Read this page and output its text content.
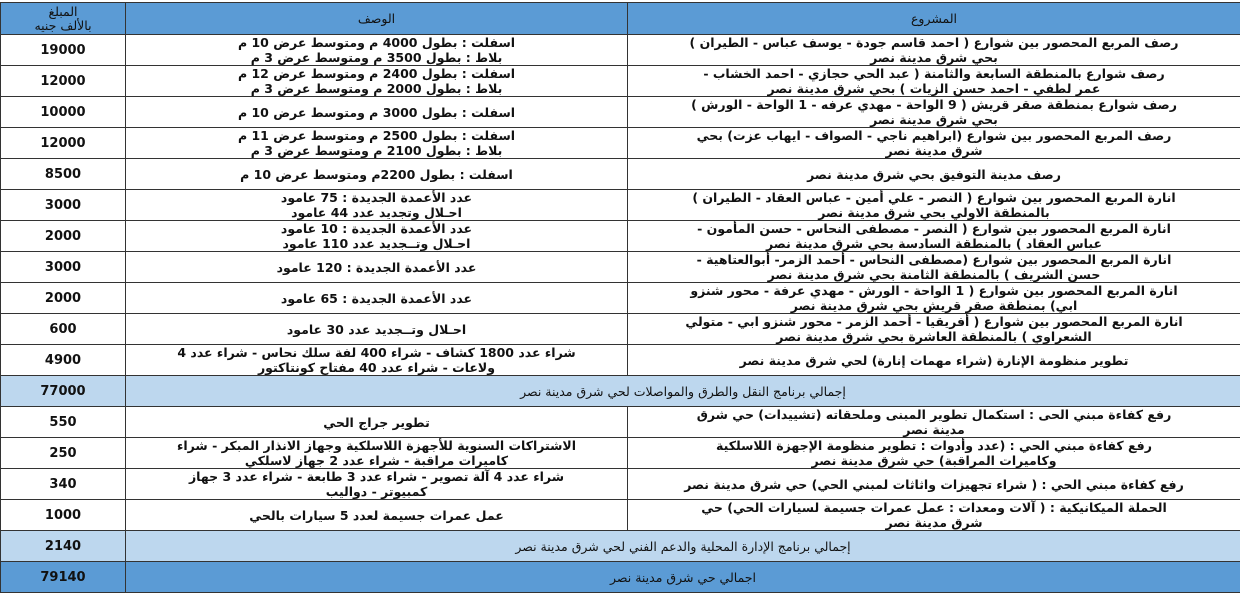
المشروع	الوصف	المبلغ
بالألف جنيه
رصف المربع المحصور بين شوارع ( احمد قاسم جودة - يوسف عباس - الطيران )
بحي شرق مدينة نصر	اسفلت : بطول 4000 م ومتوسط عرض 10 م
بلاط : بطول 3500 م ومتوسط عرض 3 م	19000
رصف شوارع بالمنطقة السابعة والثامنة ( عبد الحي حجازي - احمد الخشاب -
عمر لطفي - احمد حسن الزيات ) بحي شرق مدينة نصر	اسفلت : بطول 2400 م ومتوسط عرض 12 م
بلاط : بطول 2000 م ومتوسط عرض 3 م	12000
رصف شوارع بمنطقة صقر قريش ( 9 الواحة - مهدي عرفه - 1 الواحة - الورش )
بحي شرق مدينة نصر	اسفلت : بطول 3000 م ومتوسط عرض 10 م	10000
رصف المربع المحصور بين شوارع (ابراهيم ناجي - الصواف - ايهاب عزت) بحي
شرق مدينة نصر	اسفلت : بطول 2500 م ومتوسط عرض 11 م
بلاط : بطول 2100 م ومتوسط عرض 3 م	12000
رصف مدينة التوفيق بحي شرق مدينة نصر	اسفلت : بطول 2200م ومتوسط عرض 10 م	8500
انارة المربع المحصور بين شوارع ( النصر - علي أمين - عباس العقاد - الطيران )
بالمنطقة الاولي بحي شرق مدينة نصر	عدد الأعمدة الجديدة : 75 عامود
احـلال وتجديد عدد 44 عامود	3000
انارة المربع المحصور بين شوارع ( النصر - مصطفى النحاس - حسن المأمون -
عباس العقاد ) بالمنطقة السادسة بحي شرق مدينة نصر	عدد الأعمدة الجديدة : 10 عامود
احـلال وتــجديد عدد 110 عامود	2000
انارة المربع المحصور بين شوارع (مصطفى النحاس - أحمد الزمر- أبوالعتاهية -
حسن الشريف ) بالمنطقة الثامنة بحي شرق مدينة نصر	عدد الأعمدة الجديدة : 120 عامود	3000
انارة المربع المحصور بين شوارع ( 1 الواحة - الورش - مهدي عرفة - محور شنزو
ابي) بمنطقة صقر قريش بحي شرق مدينة نصر	عدد الأعمدة الجديدة : 65 عامود	2000
انارة المربع المحصور بين شوارع ( أفريقيا - أحمد الزمر - محور شنزو ابي - متولي
الشعراوي ) بالمنطقة العاشرة بحي شرق مدينة نصر	احـلال وتــجديد عدد 30 عامود	600
تطوير منظومة الإنارة (شراء مهمات إنارة) لحي شرق مدينة نصر	شراء عدد 1800 كشاف - شراء 400 لفة سلك نحاس - شراء عدد 4
ولاعات - شراء عدد 40 مفتاح كونتاكتور	4900
إجمالي برنامج النقل والطرق والمواصلات لحي شرق مدينة نصر		77000
رفع كفاءة مبني الحى : استكمال تطوير المبنى وملحقاته (تشييدات) حي شرق
مدينة نصر	تطوير جراج الحي	550
رفع كفاءة مبني الحي : (عدد وأدوات : تطوير منظومة الإجهزة اللاسلكية
وكاميرات المراقبة) حي شرق مدينة نصر	الاشتراكات السنوية للأجهزة اللاسلكية وجهاز الانذار المبكر - شراء
كاميرات مراقبة - شراء عدد 2 جهاز لاسلكي	250
رفع كفاءة مبني الحي : ( شراء تجهيزات واثاثات لمبني الحي) حي شرق مدينة نصر	شراء عدد 4 آلة تصوير - شراء عدد 3 طابعة - شراء عدد 3 جهاز
كمبيوتر - دواليب	340
الحملة الميكانيكية : ( آلات ومعدات : عمل عمرات جسيمة لسيارات الحي) حي
شرق مدينة نصر	عمل عمرات جسيمة لعدد 5 سيارات بالحي	1000
إجمالي برنامج الإدارة المحلية والدعم الفني لحي شرق مدينة نصر		2140
اجمالي حي شرق مدينة نصر		79140
